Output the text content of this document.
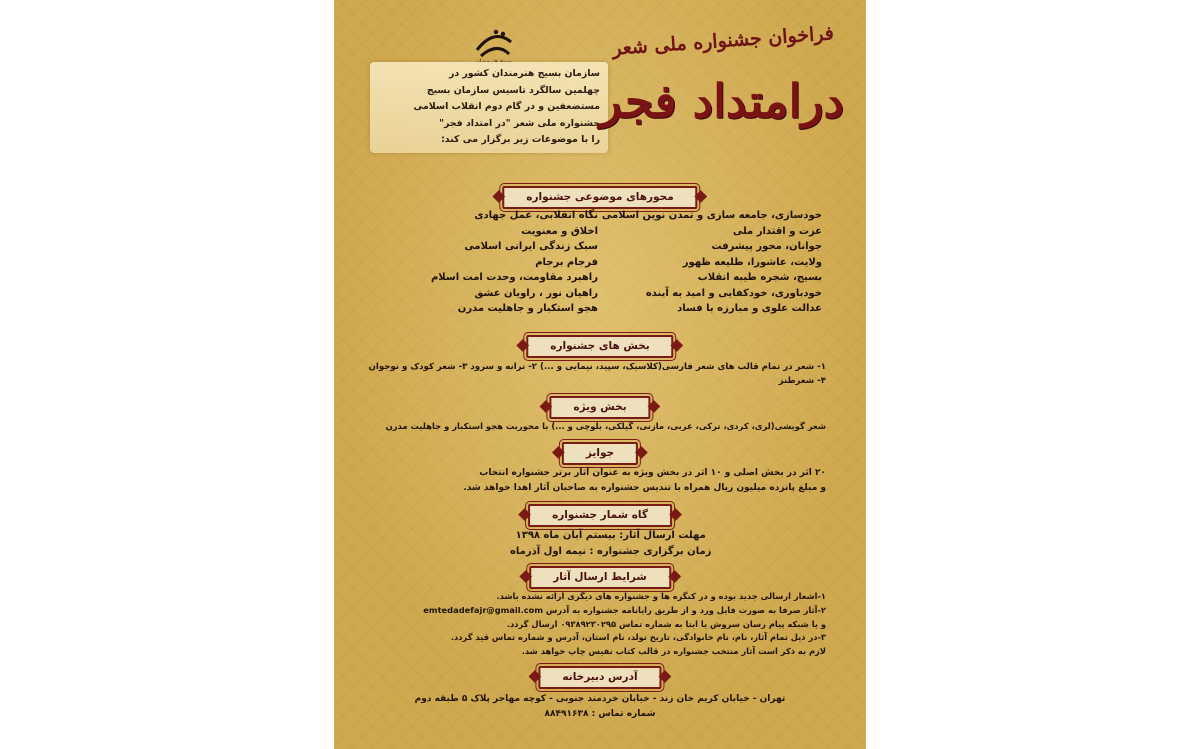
سازمان بسیج هنرمندان کشور در
چهلمین سالگرد تاسیس سازمان بسیج
مستضعفین و در گام دوم انقلاب اسلامی
جشنواره ملی شعر "در امتداد فجر"
را با موضوعات زیر برگزار می کند:
فراخوان جشنواره ملی شعر
درامتداد فجر
محورهای موضوعی جشنواره
خودسازی، جامعه سازی و تمدن نوین اسلامی
عزت و اقتدار ملی
جوانان، محور پیشرفت
ولایت، عاشورا، طلیعه ظهور
بسیج، شجره طیبه انقلاب
خودباوری، خودکفایی و امید به آینده
عدالت علوی و مبارزه با فساد
نگاه انقلابی، عمل جهادی
اخلاق و معنویت
سبک زندگی ایرانی اسلامی
فرجام برجام
راهبرد مقاومت، وحدت امت اسلام
راهیان نور ، راویان عشق
هجو استکبار و جاهلیت مدرن
بخش های جشنواره
۱- شعر در تمام قالب های شعر فارسی(کلاسیک، سپید، نیمایی و ...) ۲- ترانه و سرود ۳- شعر کودک و نوجوان
۴- شعرطنز
بخش ویژه
شعر گویشی(لری، کردی، ترکی، عربی، مازنی، گیلکی، بلوچی و ...) با محوریت هجو استکبار و جاهلیت مدرن
جوایز
۲۰ اثر در بخش اصلی و ۱۰ اثر در بخش ویژه به عنوان آثار برتر جشنواره انتخاب
و مبلغ پانزده میلیون ریال همراه با تندیس جشنواره به صاحبان آثار اهدا خواهد شد.
گاه شمار جشنواره
مهلت ارسال آثار: بیستم آبان ماه ۱۳۹۸
زمان برگزاری جشنواره : نیمه اول آذرماه
شرایط ارسال آثار
۱-اشعار ارسالی جدید بوده و در کنگره ها و جشنواره های دیگری ارائه نشده باشد.
۲-آثار صرفا به صورت فایل ورد و از طریق رایانامه جشنواره به آدرس emtedadefajr@gmail.com
و یا شبکه پیام رسان سروش یا ایتا به شماره تماس ۰۹۳۸۹۲۳۰۲۹۵ ارسال گردد.
۳-در ذیل تمام آثار، نام، نام خانوادگی، تاریخ تولد، نام استان، آدرس و شماره تماس قید گردد.
لازم به ذکر است آثار منتخب جشنواره در قالب کتاب نفیس چاپ خواهد شد.
آدرس دبیرخانه
تهران - خیابان کریم خان زند - خیابان خردمند جنوبی - کوچه مهاجر پلاک ۵ طبقه دوم
شماره تماس : ۸۸۴۹۱۶۳۸
